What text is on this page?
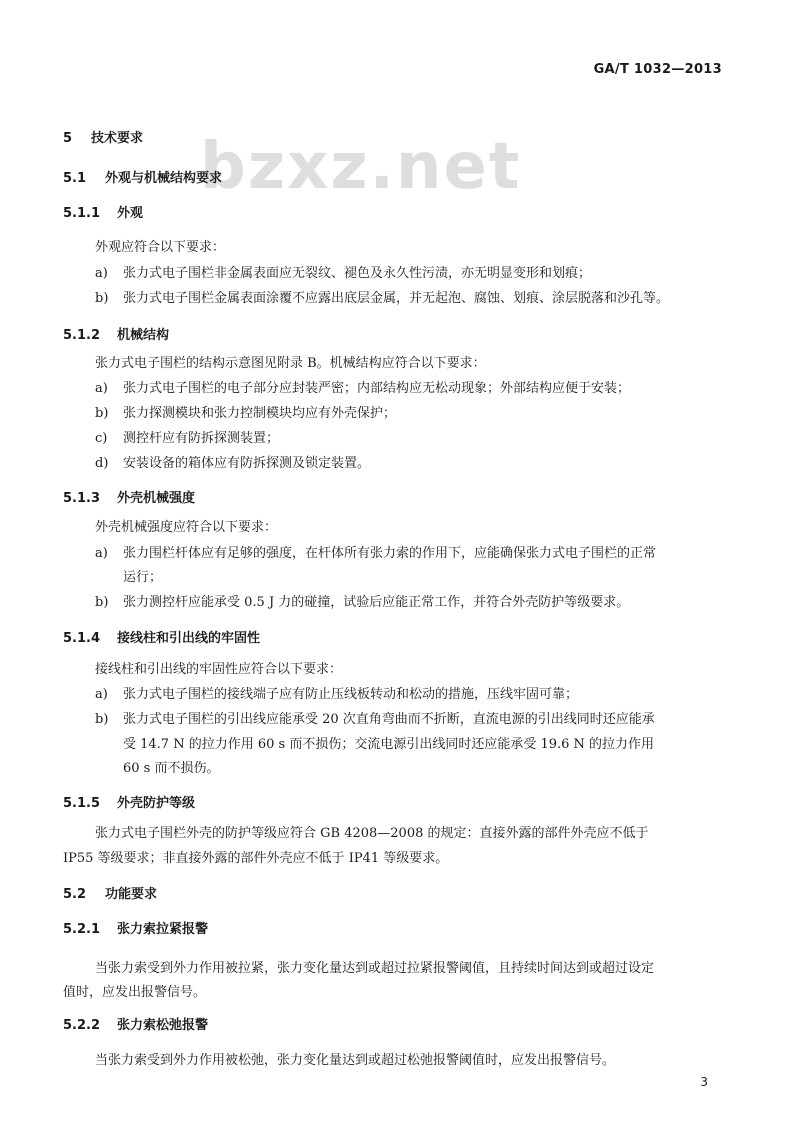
GA/T 1032—2013
bzxz.net
5 技术要求
5.1 外观与机械结构要求
5.1.1 外观
外观应符合以下要求：
a) 张力式电子围栏非金属表面应无裂纹、褪色及永久性污渍，亦无明显变形和划痕；
b) 张力式电子围栏金属表面涂覆不应露出底层金属，并无起泡、腐蚀、划痕、涂层脱落和沙孔等。
5.1.2 机械结构
张力式电子围栏的结构示意图见附录 B。机械结构应符合以下要求：
a) 张力式电子围栏的电子部分应封装严密；内部结构应无松动现象；外部结构应便于安装；
b) 张力探测模块和张力控制模块均应有外壳保护；
c) 测控杆应有防拆探测装置；
d) 安装设备的箱体应有防拆探测及锁定装置。
5.1.3 外壳机械强度
外壳机械强度应符合以下要求：
a) 张力围栏杆体应有足够的强度，在杆体所有张力索的作用下，应能确保张力式电子围栏的正常
运行；
b) 张力测控杆应能承受 0.5 J 力的碰撞，试验后应能正常工作，并符合外壳防护等级要求。
5.1.4 接线柱和引出线的牢固性
接线柱和引出线的牢固性应符合以下要求：
a) 张力式电子围栏的接线端子应有防止压线板转动和松动的措施，压线牢固可靠；
b) 张力式电子围栏的引出线应能承受 20 次直角弯曲而不折断，直流电源的引出线同时还应能承
受 14.7 N 的拉力作用 60 s 而不损伤；交流电源引出线同时还应能承受 19.6 N 的拉力作用
60 s 而不损伤。
5.1.5 外壳防护等级
张力式电子围栏外壳的防护等级应符合 GB 4208—2008 的规定：直接外露的部件外壳应不低于
IP55 等级要求；非直接外露的部件外壳应不低于 IP41 等级要求。
5.2 功能要求
5.2.1 张力索拉紧报警
当张力索受到外力作用被拉紧，张力变化量达到或超过拉紧报警阈值，且持续时间达到或超过设定
值时，应发出报警信号。
5.2.2 张力索松弛报警
当张力索受到外力作用被松弛，张力变化量达到或超过松弛报警阈值时，应发出报警信号。
3
